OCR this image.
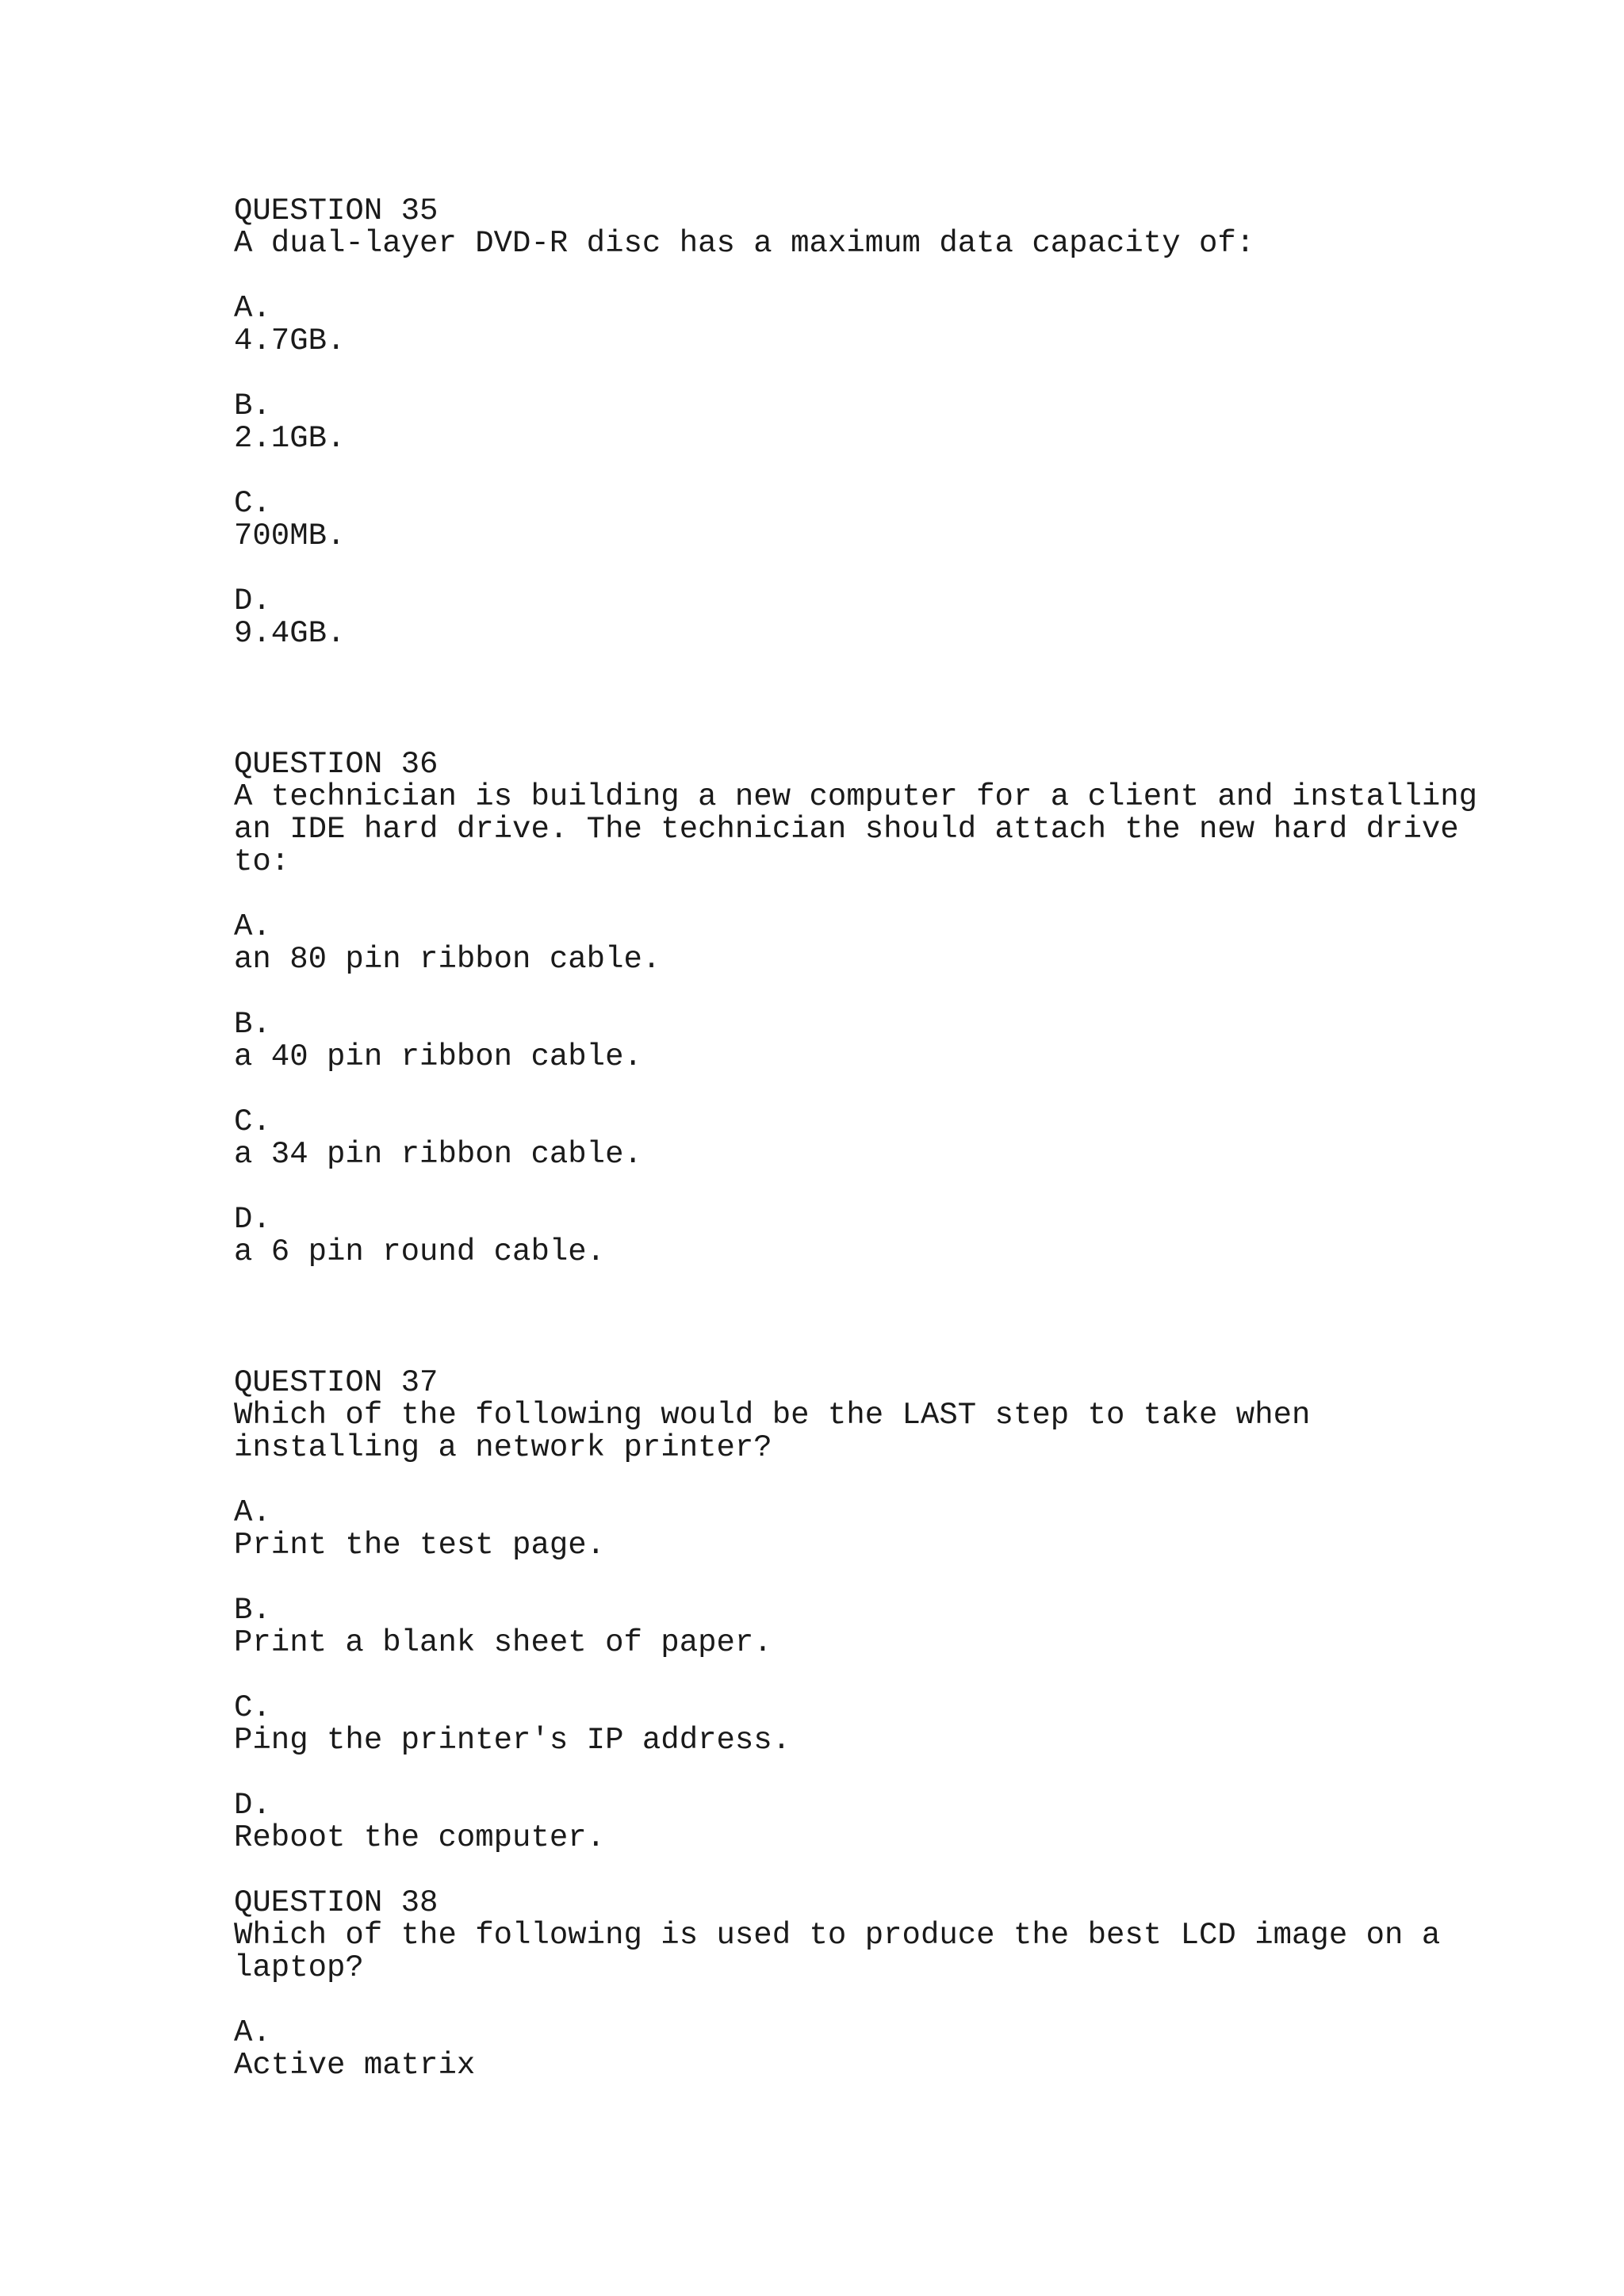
QUESTION 35

A dual-layer DVD-R disc has a maximum data capacity of:

A.

4.7GB.

B.

2.1GB.

C.

700MB.

D.

9.4GB.

QUESTION 36

A technician is building a new computer for a client and installing

an IDE hard drive. The technician should attach the new hard drive

to:

A.

an 80 pin ribbon cable.

B.

a 40 pin ribbon cable.

C.

a 34 pin ribbon cable.

D.

a 6 pin round cable.

QUESTION 37

Which of the following would be the LAST step to take when

installing a network printer?

A.

Print the test page.

B.

Print a blank sheet of paper.

C.

Ping the printer's IP address.

D.

Reboot the computer.

QUESTION 38

Which of the following is used to produce the best LCD image on a

laptop?

A.

Active matrix
